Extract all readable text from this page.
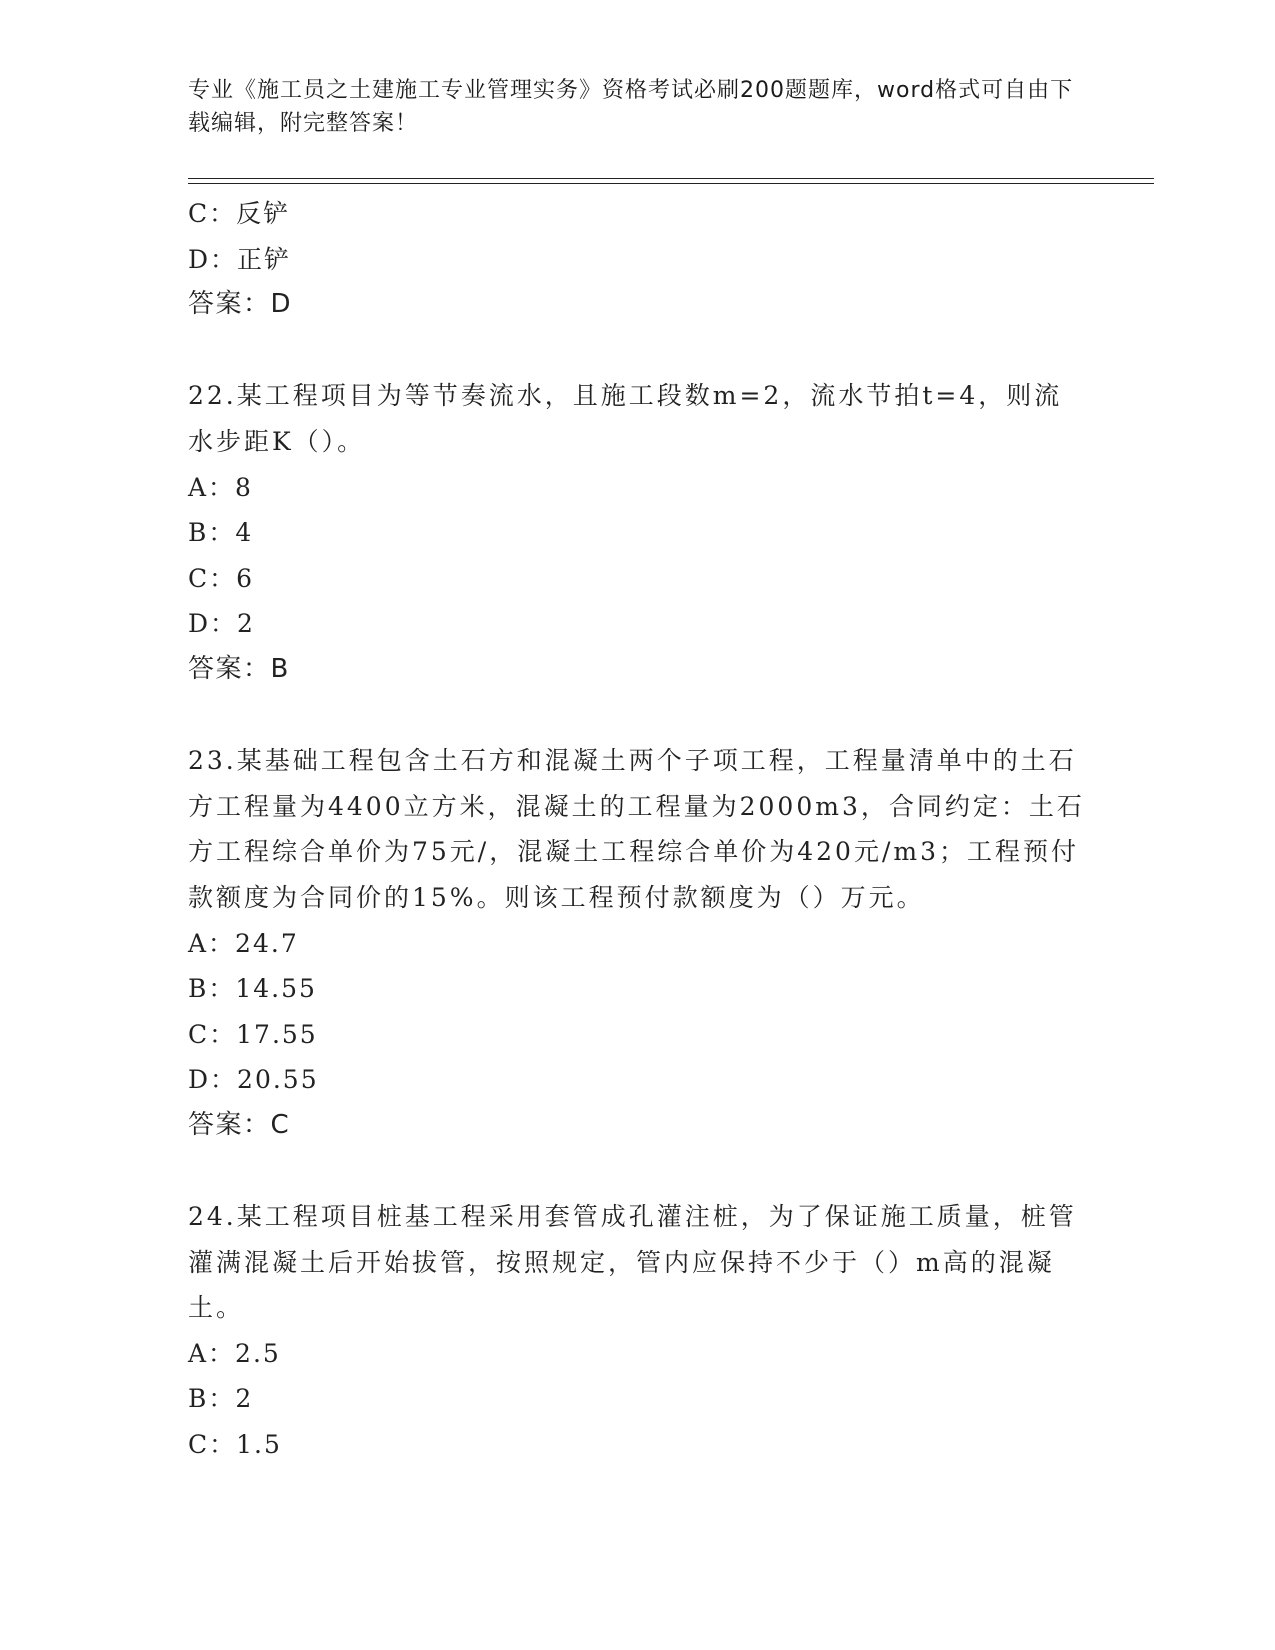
专业《施工员之土建施工专业管理实务》资格考试必刷200题题库，word格式可自由下载编辑，附完整答案！
C：反铲
D：正铲
答案：D
22.某工程项目为等节奏流水，且施工段数m=2，流水节拍t=4，则流水步距K（）。
A：8
B：4
C：6
D：2
答案：B
23.某基础工程包含土石方和混凝土两个子项工程，工程量清单中的土石方工程量为4400立方米，混凝土的工程量为2000m3，合同约定：土石方工程综合单价为75元/，混凝土工程综合单价为420元/m3；工程预付款额度为合同价的15%。则该工程预付款额度为（）万元。
A：24.7
B：14.55
C：17.55
D：20.55
答案：C
24.某工程项目桩基工程采用套管成孔灌注桩，为了保证施工质量，桩管灌满混凝土后开始拔管，按照规定，管内应保持不少于（）m高的混凝土。
A：2.5
B：2
C：1.5
